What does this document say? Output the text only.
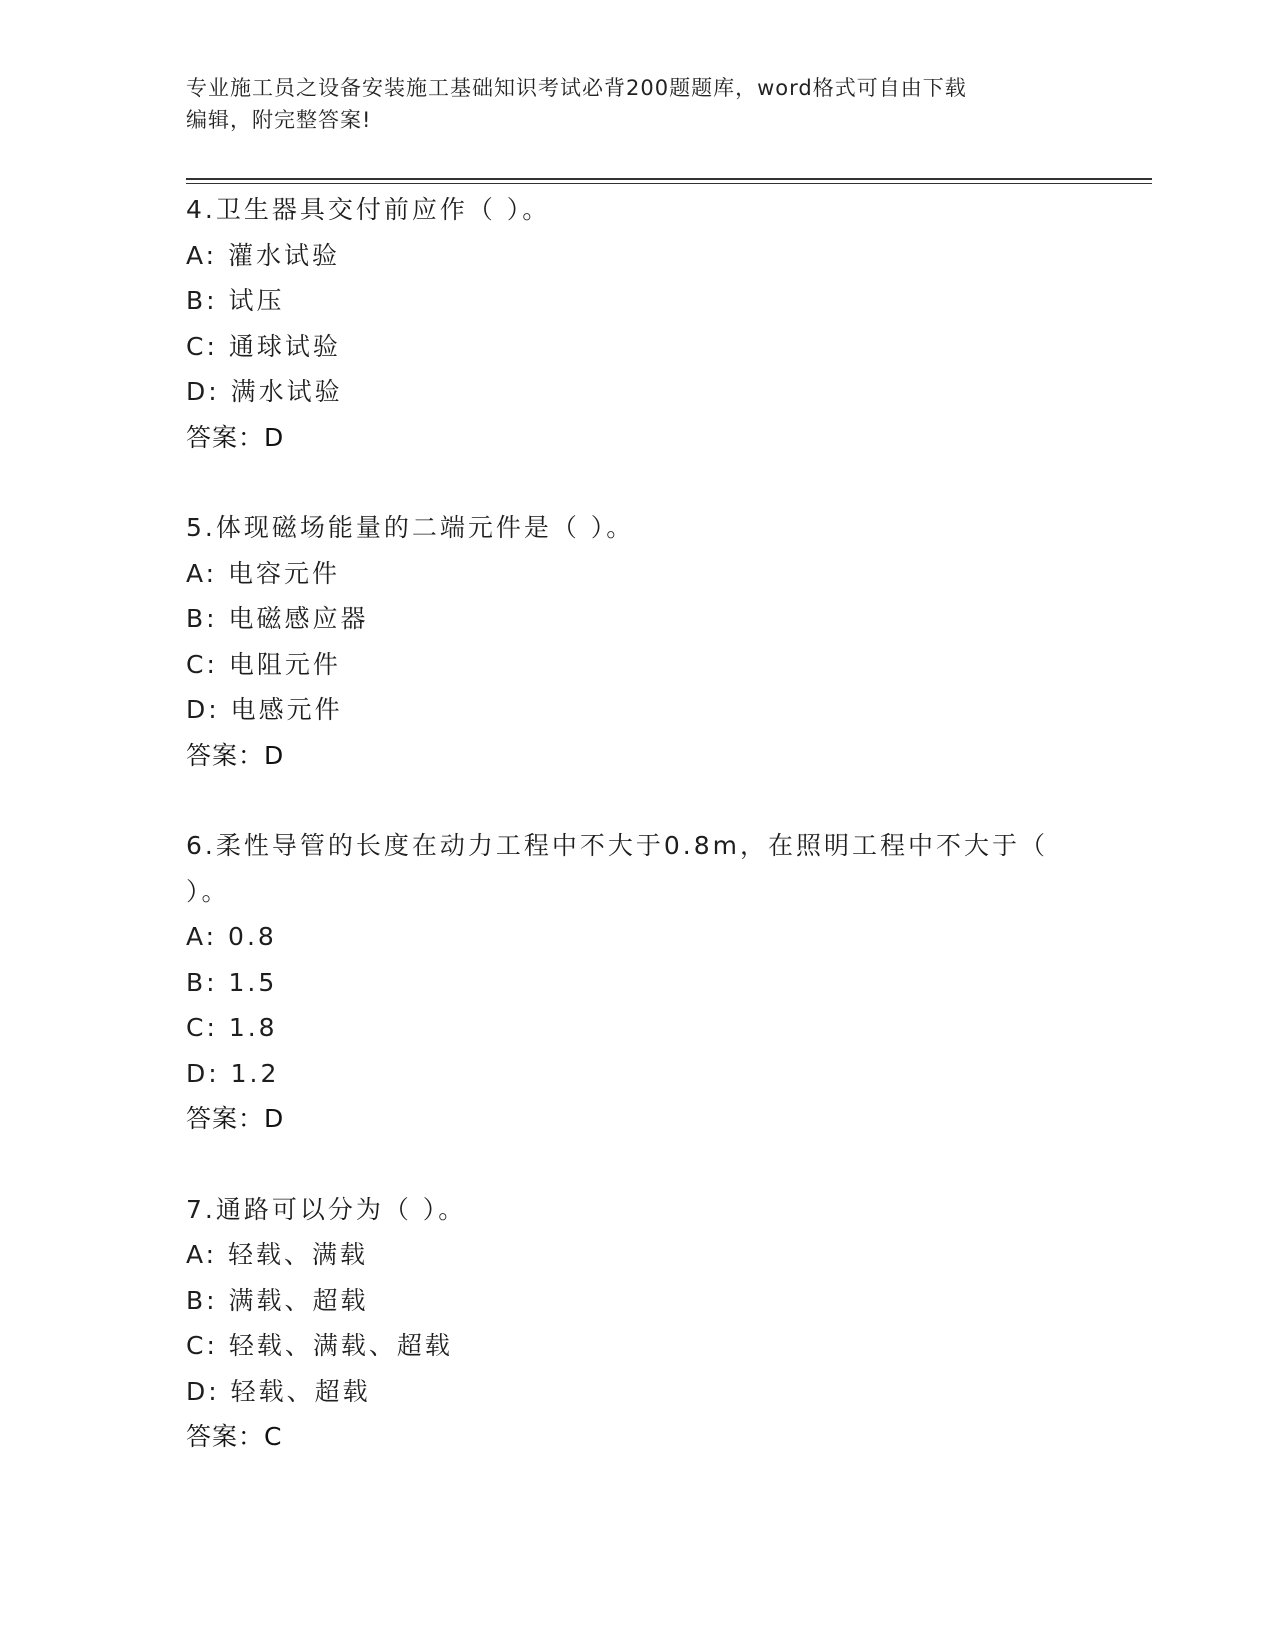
专业施工员之设备安装施工基础知识考试必背200题题库，word格式可自由下载
编辑，附完整答案!
4.卫生器具交付前应作（ ）。
A: 灌水试验
B: 试压
C: 通球试验
D: 满水试验
答案：D
5.体现磁场能量的二端元件是（ ）。
A: 电容元件
B: 电磁感应器
C: 电阻元件
D: 电感元件
答案：D
6.柔性导管的长度在动力工程中不大于0.8m，在照明工程中不大于（ ）。
A: 0.8
B: 1.5
C: 1.8
D: 1.2
答案：D
7.通路可以分为（ ）。
A: 轻载、满载
B: 满载、超载
C: 轻载、满载、超载
D: 轻载、超载
答案：C
